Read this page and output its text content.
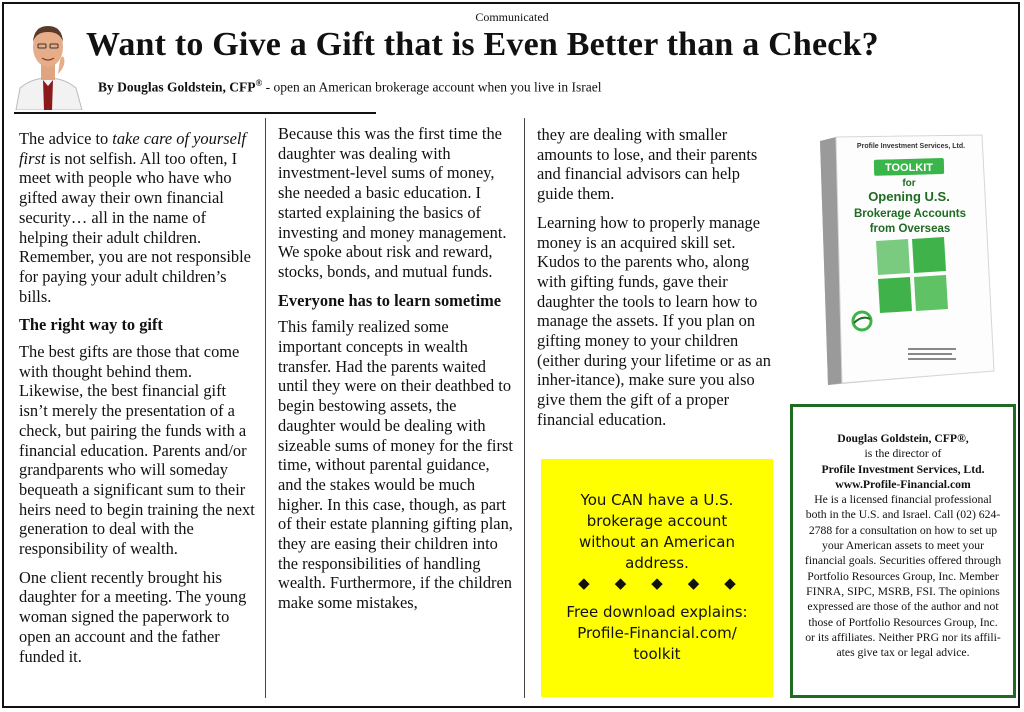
Communicated
Want to Give a Gift that is Even Better than a Check?
By Douglas Goldstein, CFP® - open an American brokerage account when you live in Israel

The advice to take care of yourself first is not selfish. All too often, I meet with people who have who gifted away their own financial security… all in the name of helping their adult children. Remember, you are not responsible for paying your adult children’s bills.

The right way to gift

The best gifts are those that come with thought behind them. Likewise, the best financial gift isn’t merely the presentation of a check, but pairing the funds with a financial education. Parents and/or grandparents who will someday bequeath a significant sum to their heirs need to begin training the next generation to deal with the responsibility of wealth.

One client recently brought his daughter for a meeting. The young woman signed the paperwork to open an account and the father funded it.

Because this was the first time the daughter was dealing with investment-level sums of money, she needed a basic education. I started explaining the basics of investing and money management. We spoke about risk and reward, stocks, bonds, and mutual funds.

Everyone has to learn sometime

This family realized some important concepts in wealth transfer. Had the parents waited until they were on their deathbed to begin bestowing assets, the daughter would be dealing with sizeable sums of money for the first time, without parental guidance, and the stakes would be much higher. In this case, though, as part of their estate planning gifting plan, they are easing their children into the responsibilities of handling wealth. Furthermore, if the children make some mistakes,

they are dealing with smaller amounts to lose, and their parents and financial advisors can help guide them.

Learning how to properly manage money is an acquired skill set. Kudos to the parents who, along with gifting funds, gave their daughter the tools to learn how to manage the assets. If you plan on gifting money to your children (either during your lifetime or as an inher-itance), make sure you also give them the gift of a proper financial education.

Profile Investment Services, Ltd.
TOOLKIT
for
Opening U.S.
Brokerage Accounts
from Overseas
You CAN have a U.S.
brokerage account
without an American
address.
◆◆◆◆◆
Free download explains:
Profile-Financial.com/
toolkit
Douglas Goldstein, CFP®,
is the director of
Profile Investment Services, Ltd.
www.Profile-Financial.com
He is a licensed financial professional both in the U.S. and Israel. Call (02) 624-2788 for a consultation on how to set up your American assets to meet your financial goals. Securities offered through Portfolio Resources Group, Inc. Member FINRA, SIPC, MSRB, FSI. The opinions expressed are those of the author and not those of Portfolio Resources Group, Inc. or its affiliates. Neither PRG nor its affili-ates give tax or legal advice.
